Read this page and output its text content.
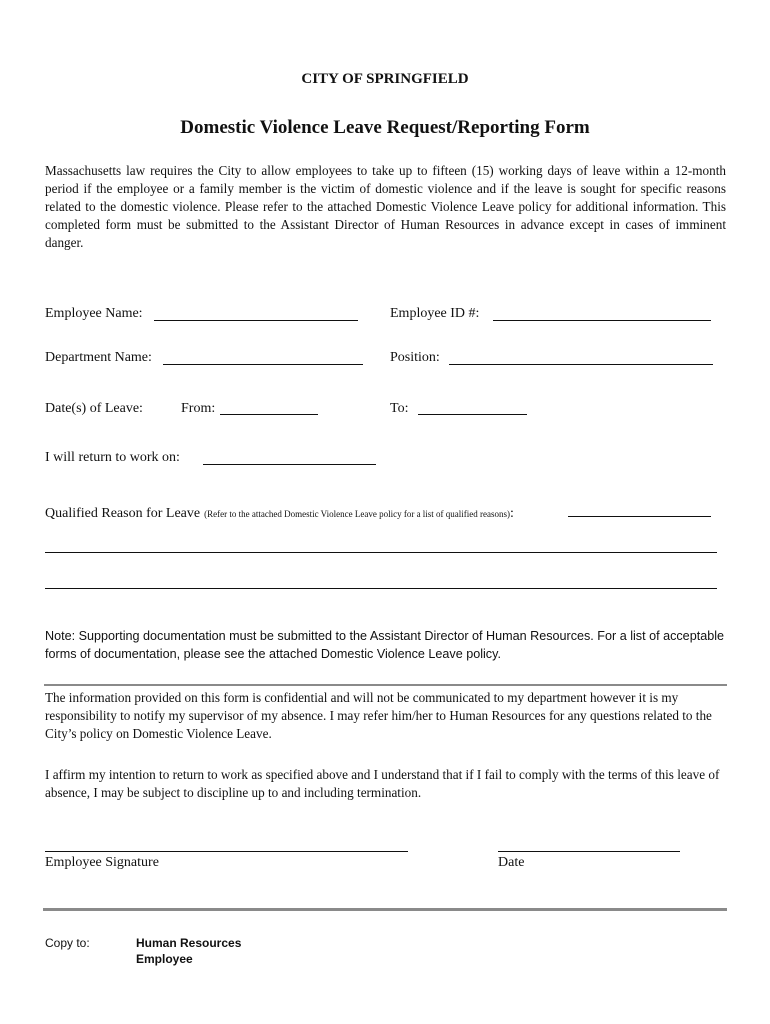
CITY OF SPRINGFIELD
Domestic Violence Leave Request/Reporting Form
Massachusetts law requires the City to allow employees to take up to fifteen (15) working days of leave within a 12-month period if the employee or a family member is the victim of domestic violence and if the leave is sought for specific reasons related to the domestic violence. Please refer to the attached Domestic Violence Leave policy for additional information. This completed form must be submitted to the Assistant Director of Human Resources in advance except in cases of imminent danger.
Employee Name:	Employee ID #:
Department Name:	Position:
Date(s) of Leave:	From:	To:
I will return to work on:
Qualified Reason for Leave (Refer to the attached Domestic Violence Leave policy for a list of qualified reasons):
Note: Supporting documentation must be submitted to the Assistant Director of Human Resources. For a list of acceptable forms of documentation, please see the attached Domestic Violence Leave policy.
The information provided on this form is confidential and will not be communicated to my department however it is my responsibility to notify my supervisor of my absence. I may refer him/her to Human Resources for any questions related to the City’s policy on Domestic Violence Leave.
I affirm my intention to return to work as specified above and I understand that if I fail to comply with the terms of this leave of absence, I may be subject to discipline up to and including termination.
Employee Signature	Date
Copy to:	Human Resources
Employee
